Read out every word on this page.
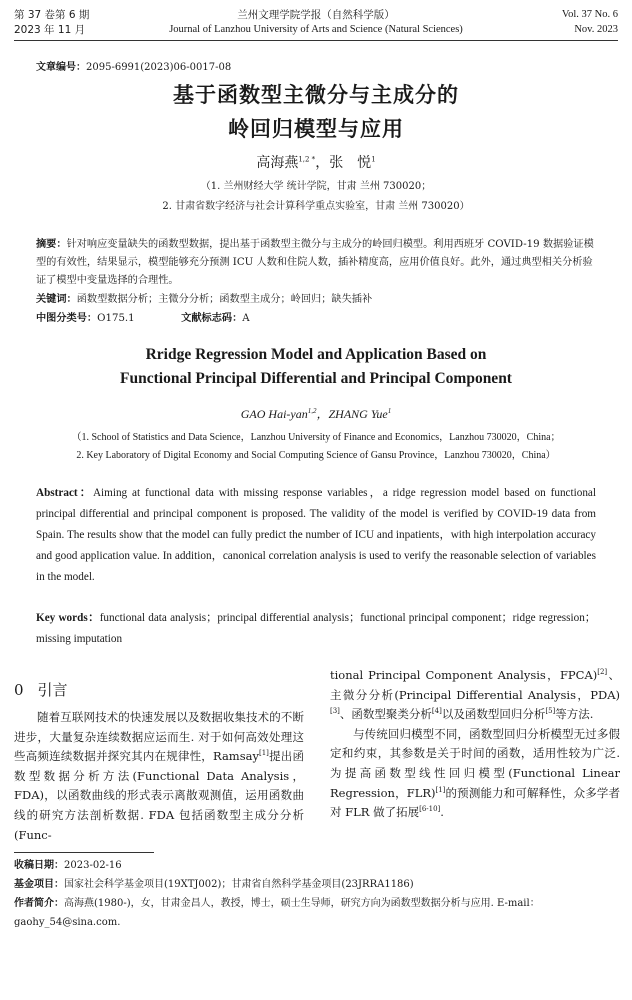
第 37 卷第 6 期
2023 年 11 月
兰州文理学院学报（自然科学版）
Journal of Lanzhou University of Arts and Science (Natural Sciences)
Vol. 37 No. 6
Nov. 2023
文章编号：2095-6991(2023)06-0017-08
基于函数型主微分与主成分的
岭回归模型与应用
高海燕$^{1,2 *}$，张　悦$^1$
（1. 兰州财经大学 统计学院，甘肃 兰州 730020；
2. 甘肃省数字经济与社会计算科学重点实验室，甘肃 兰州 730020）
摘要：针对响应变量缺失的函数型数据，提出基于函数型主微分与主成分的岭回归模型。利用西班牙 COVID-19 数据验证模型的有效性，结果显示，模型能够充分预测 ICU 人数和住院人数，插补精度高，应用价值良好。此外，通过典型相关分析验证了模型中变量选择的合理性。
关键词：函数型数据分析；主微分分析；函数型主成分；岭回归；缺失插补
中图分类号：O175.1	文献标志码：A
Rridge Regression Model and Application Based on
Functional Principal Differential and Principal Component
GAO Hai-yan$^{1,2}$，ZHANG Yue$^1$
（1. School of Statistics and Data Science，Lanzhou University of Finance and Economics，Lanzhou 730020，China；
2. Key Laboratory of Digital Economy and Social Computing Science of Gansu Province，Lanzhou 730020，China）
Abstract：Aiming at functional data with missing response variables，a ridge regression model based on functional principal differential and principal component is proposed. The validity of the model is verified by COVID-19 data from Spain. The results show that the model can fully predict the number of ICU and inpatients，with high interpolation accuracy and good application value. In addition，canonical correlation analysis is used to verify the reasonable selection of variables in the model.
Key words：functional data analysis；principal differential analysis；functional principal component；ridge regression；missing imputation
0 引言
随着互联网技术的快速发展以及数据收集技术的不断进步，大量复杂连续数据应运而生. 对于如何高效处理这些高频连续数据并探究其内在规律性，Ramsay[1]提出函数型数据分析方法(Functional Data Analysis，FDA)，以函数曲线的形式表示离散观测值，运用函数曲线的研究方法剖析数据. FDA 包括函数型主成分分析(Func-
tional Principal Component Analysis，FPCA)[2]、主微分分析(Principal Differential Analysis，PDA)[3]、函数型聚类分析[4]以及函数型回归分析[5]等方法.
与传统回归模型不同，函数型回归分析模型无过多假定和约束，其参数是关于时间的函数，适用性较为广泛. 为提高函数型线性回归模型(Functional Linear Regression，FLR)[1]的预测能力和可解释性，众多学者对 FLR 做了拓展[6-10].
收稿日期：2023-02-16
基金项目：国家社会科学基金项目(19XTJ002)；甘肃省自然科学基金项目(23JRRA1186)
作者简介：高海燕(1980-)，女，甘肃金昌人，教授，博士，硕士生导师，研究方向为函数型数据分析与应用. E-mail：
gaohy_54@sina.com.
